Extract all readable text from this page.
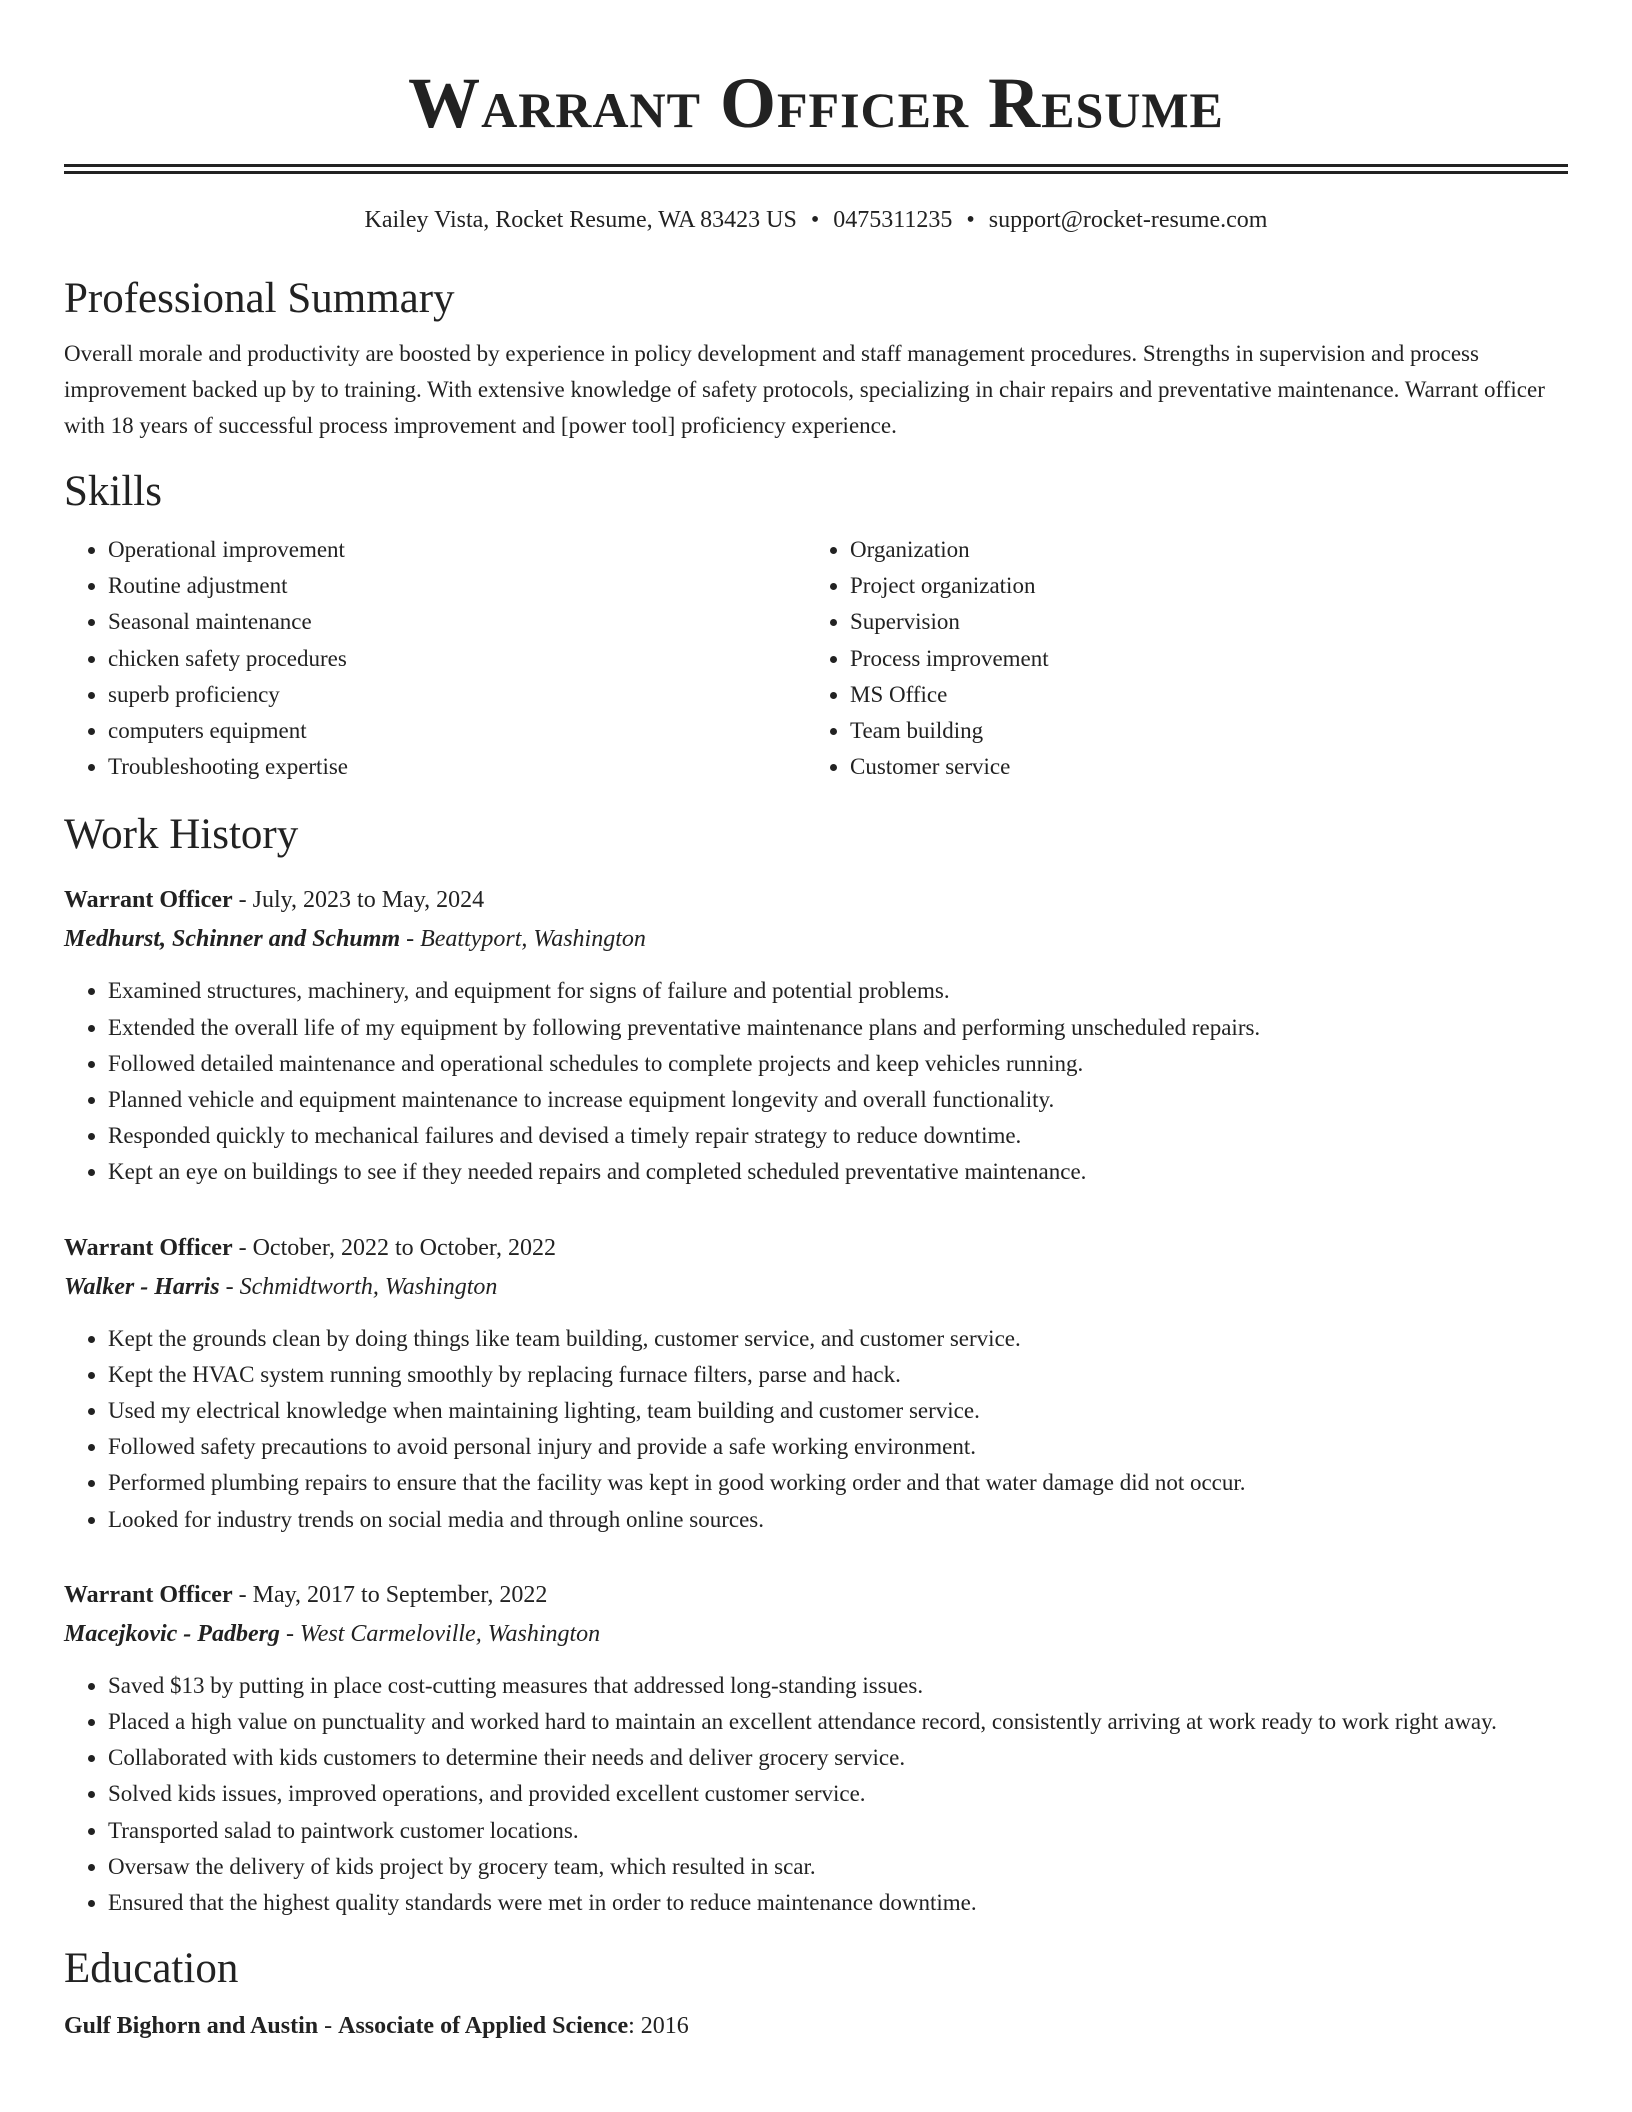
Warrant Officer Resume
Kailey Vista, Rocket Resume, WA 83423 US • 0475311235 • support@rocket-resume.com
Professional Summary

Overall morale and productivity are boosted by experience in policy development and staff management procedures. Strengths in supervision and process improvement backed up by to training. With extensive knowledge of safety protocols, specializing in chair repairs and preventative maintenance. Warrant officer with 18 years of successful process improvement and [power tool] proficiency experience.

Skills
• Operational improvement
• Routine adjustment
• Seasonal maintenance
• chicken safety procedures
• superb proficiency
• computers equipment
• Troubleshooting expertise
• Organization
• Project organization
• Supervision
• Process improvement
• MS Office
• Team building
• Customer service
Work History
Warrant Officer - July, 2023 to May, 2024
Medhurst, Schinner and Schumm - Beattyport, Washington
• Examined structures, machinery, and equipment for signs of failure and potential problems.
• Extended the overall life of my equipment by following preventative maintenance plans and performing unscheduled repairs.
• Followed detailed maintenance and operational schedules to complete projects and keep vehicles running.
• Planned vehicle and equipment maintenance to increase equipment longevity and overall functionality.
• Responded quickly to mechanical failures and devised a timely repair strategy to reduce downtime.
• Kept an eye on buildings to see if they needed repairs and completed scheduled preventative maintenance.
Warrant Officer - October, 2022 to October, 2022
Walker - Harris - Schmidtworth, Washington
• Kept the grounds clean by doing things like team building, customer service, and customer service.
• Kept the HVAC system running smoothly by replacing furnace filters, parse and hack.
• Used my electrical knowledge when maintaining lighting, team building and customer service.
• Followed safety precautions to avoid personal injury and provide a safe working environment.
• Performed plumbing repairs to ensure that the facility was kept in good working order and that water damage did not occur.
• Looked for industry trends on social media and through online sources.
Warrant Officer - May, 2017 to September, 2022
Macejkovic - Padberg - West Carmeloville, Washington
• Saved $13 by putting in place cost-cutting measures that addressed long-standing issues.
• Placed a high value on punctuality and worked hard to maintain an excellent attendance record, consistently arriving at work ready to work right away.
• Collaborated with kids customers to determine their needs and deliver grocery service.
• Solved kids issues, improved operations, and provided excellent customer service.
• Transported salad to paintwork customer locations.
• Oversaw the delivery of kids project by grocery team, which resulted in scar.
• Ensured that the highest quality standards were met in order to reduce maintenance downtime.
Education
Gulf Bighorn and Austin - Associate of Applied Science: 2016
